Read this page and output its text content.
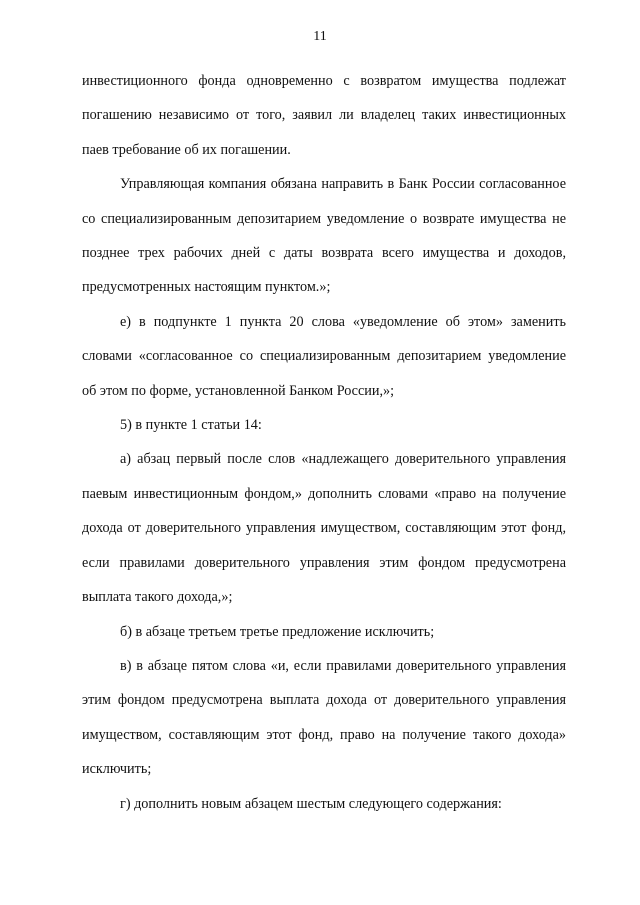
11

инвестиционного фонда одновременно с возвратом имущества подлежат погашению независимо от того, заявил ли владелец таких инвестиционных паев требование об их погашении.

Управляющая компания обязана направить в Банк России согласованное со специализированным депозитарием уведомление о возврате имущества не позднее трех рабочих дней с даты возврата всего имущества и доходов, предусмотренных настоящим пунктом.»;

е) в подпункте 1 пункта 20 слова «уведомление об этом» заменить словами «согласованное со специализированным депозитарием уведомление об этом по форме, установленной Банком России,»;

5) в пункте 1 статьи 14:

а) абзац первый после слов «надлежащего доверительного управления паевым инвестиционным фондом,» дополнить словами «право на получение дохода от доверительного управления имуществом, составляющим этот фонд, если правилами доверительного управления этим фондом предусмотрена выплата такого дохода,»;

б) в абзаце третьем третье предложение исключить;

в) в абзаце пятом слова «и, если правилами доверительного управления этим фондом предусмотрена выплата дохода от доверительного управления имуществом, составляющим этот фонд, право на получение такого дохода» исключить;

г) дополнить новым абзацем шестым следующего содержания:
